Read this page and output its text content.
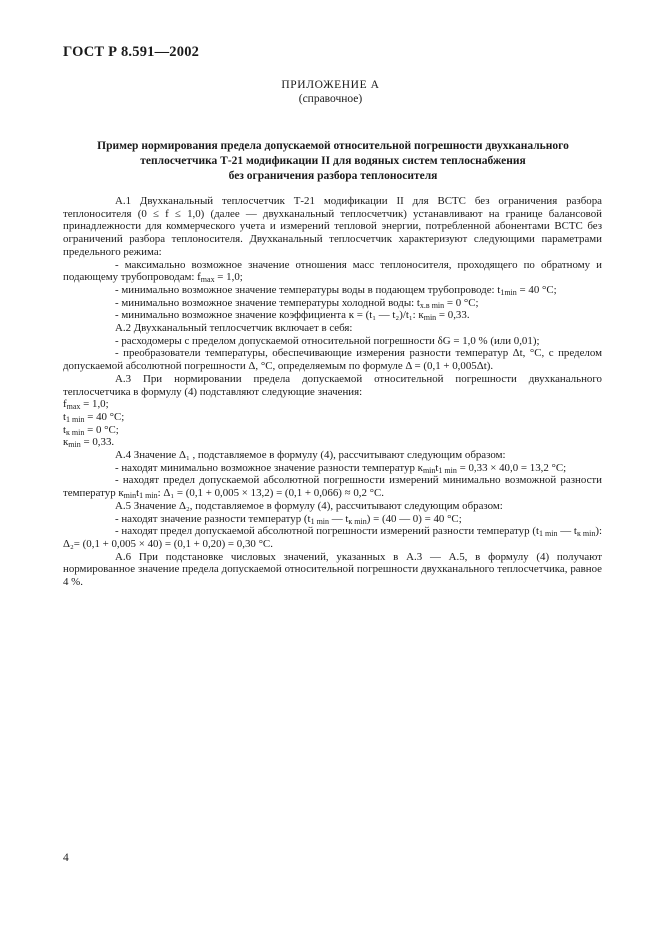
ГОСТ Р 8.591—2002
ПРИЛОЖЕНИЕ А
(справочное)
Пример нормирования предела допускаемой относительной погрешности двухканального
теплосчетчика Т-21 модификации II для водяных систем теплоснабжения
без ограничения разбора теплоносителя

А.1 Двухканальный теплосчетчик Т-21 модификации II для ВСТС без ограничения разбора теплоносителя (0 ≤ f ≤ 1,0) (далее — двухканальный теплосчетчик) устанавливают на границе балансовой принадлежности для коммерческого учета и измерений тепловой энергии, потребленной абонентами ВСТС без ограничений разбора теплоносителя. Двухканальный теплосчетчик характеризуют следующими параметрами предельного режима:

- максимально возможное значение отношения масс теплоносителя, проходящего по обратному и подающему трубопроводам: $f_{max} = 1,0$;

- минимально возможное значение температуры воды в подающем трубопроводе: $t_{1min} = 40$ °C;

- минимально возможное значение температуры холодной воды: $t_{х.в min} = 0$ °C;

- минимально возможное значение коэффициента к = (t₁ — t₂)/t₁: $к_{min} = 0,33$.

А.2 Двухканальный теплосчетчик включает в себя:

- расходомеры с пределом допускаемой относительной погрешности δG = 1,0 % (или 0,01);

- преобразователи температуры, обеспечивающие измерения разности температур Δt, °C, с пределом допускаемой абсолютной погрешности Δ, °C, определяемым по формуле Δ = (0,1 + 0,005Δt).

А.3 При нормировании предела допускаемой относительной погрешности двухканального теплосчетчика в формулу (4) подставляют следующие значения:

$f_{max} = 1,0$;

$t_{1 min} = 40$ °C;

$t_{к min} = 0$ °C;

$к_{min} = 0,33$.

А.4 Значение Δ₁ , подставляемое в формулу (4), рассчитывают следующим образом:

- находят минимально возможное значение разности температур $к_{min}t_{1 min} = 0,33 \times 40,0 = 13,2$ °C;

- находят предел допускаемой абсолютной погрешности измерений минимально возможной разности температур $к_{min}t_{1 min}$: Δ₁ = (0,1 + 0,005 × 13,2) = (0,1 + 0,066) ≈ 0,2 °C.

А.5 Значение Δ₂, подставляемое в формулу (4), рассчитывают следующим образом:

- находят значение разности температур ($t_{1 min}$ — $t_{к min}) = (40$ — 0) = 40 °C;

- находят предел допускаемой абсолютной погрешности измерений разности температур ($t_{1 min}$ — $t_{к min}$): Δ₂= (0,1 + 0,005 × 40) = (0,1 + 0,20) = 0,30 °C.

А.6 При подстановке числовых значений, указанных в А.3 — А.5, в формулу (4) получают нормированное значение предела допускаемой относительной погрешности двухканального теплосчетчика, равное 4 %.

4
